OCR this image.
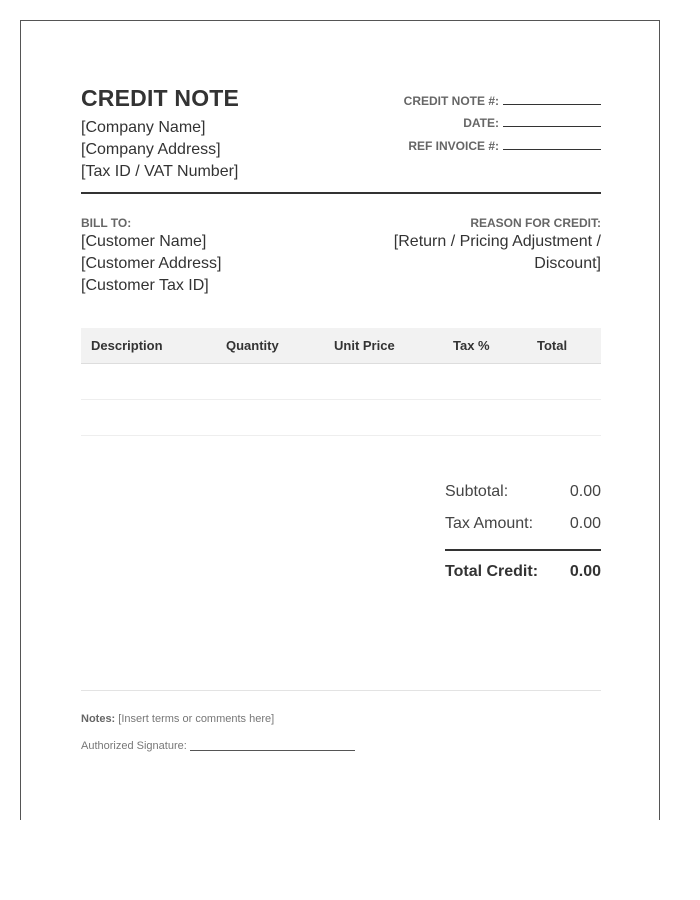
CREDIT NOTE
[Company Name]
[Company Address]
[Tax ID / VAT Number]
CREDIT NOTE #:
DATE:
REF INVOICE #:
BILL TO:
[Customer Name]
[Customer Address]
[Customer Tax ID]
REASON FOR CREDIT:
[Return / Pricing Adjustment / Discount]
Description	Quantity	Unit Price	Tax %	Total

Subtotal:	0.00
Tax Amount: 0.00
Total Credit: 0.00
Notes: [Insert terms or comments here]
Authorized Signature:
